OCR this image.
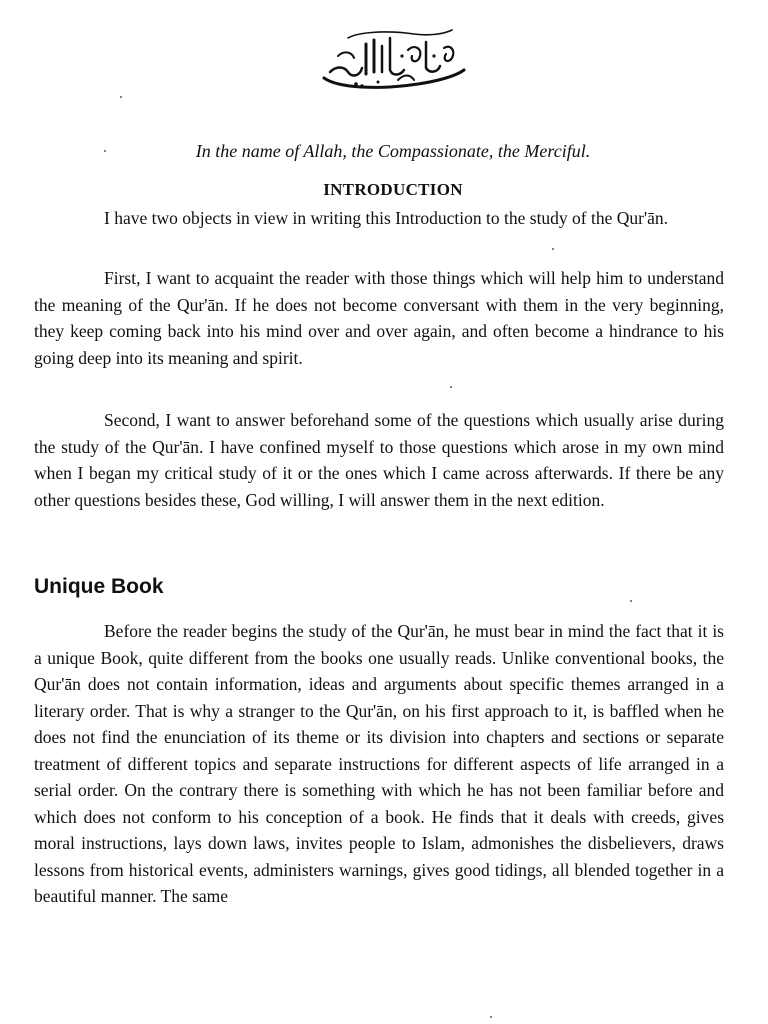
In the name of Allah, the Compassionate, the Merciful.
INTRODUCTION

I have two objects in view in writing this Introduction to the study of the Qur'ān.

First, I want to acquaint the reader with those things which will help him to understand the meaning of the Qur'ān. If he does not become conversant with them in the very beginning, they keep coming back into his mind over and over again, and often become a hindrance to his going deep into its meaning and spirit.

Second, I want to answer beforehand some of the questions which usually arise during the study of the Qur'ān. I have confined myself to those questions which arose in my own mind when I began my critical study of it or the ones which I came across afterwards. If there be any other questions besides these, God willing, I will answer them in the next edition.

Unique Book

Before the reader begins the study of the Qur'ān, he must bear in mind the fact that it is a unique Book, quite different from the books one usually reads. Unlike conventional books, the Qur'ān does not contain information, ideas and arguments about specific themes arranged in a literary order. That is why a stranger to the Qur'ān, on his first approach to it, is baffled when he does not find the enunciation of its theme or its division into chapters and sections or separate treatment of different topics and separate instructions for different aspects of life arranged in a serial order. On the contrary there is something with which he has not been familiar before and which does not conform to his conception of a book. He finds that it deals with creeds, gives moral instructions, lays down laws, invites people to Islam, admonishes the disbelievers, draws lessons from historical events, administers warnings, gives good tidings, all blended together in a beautiful manner. The same
